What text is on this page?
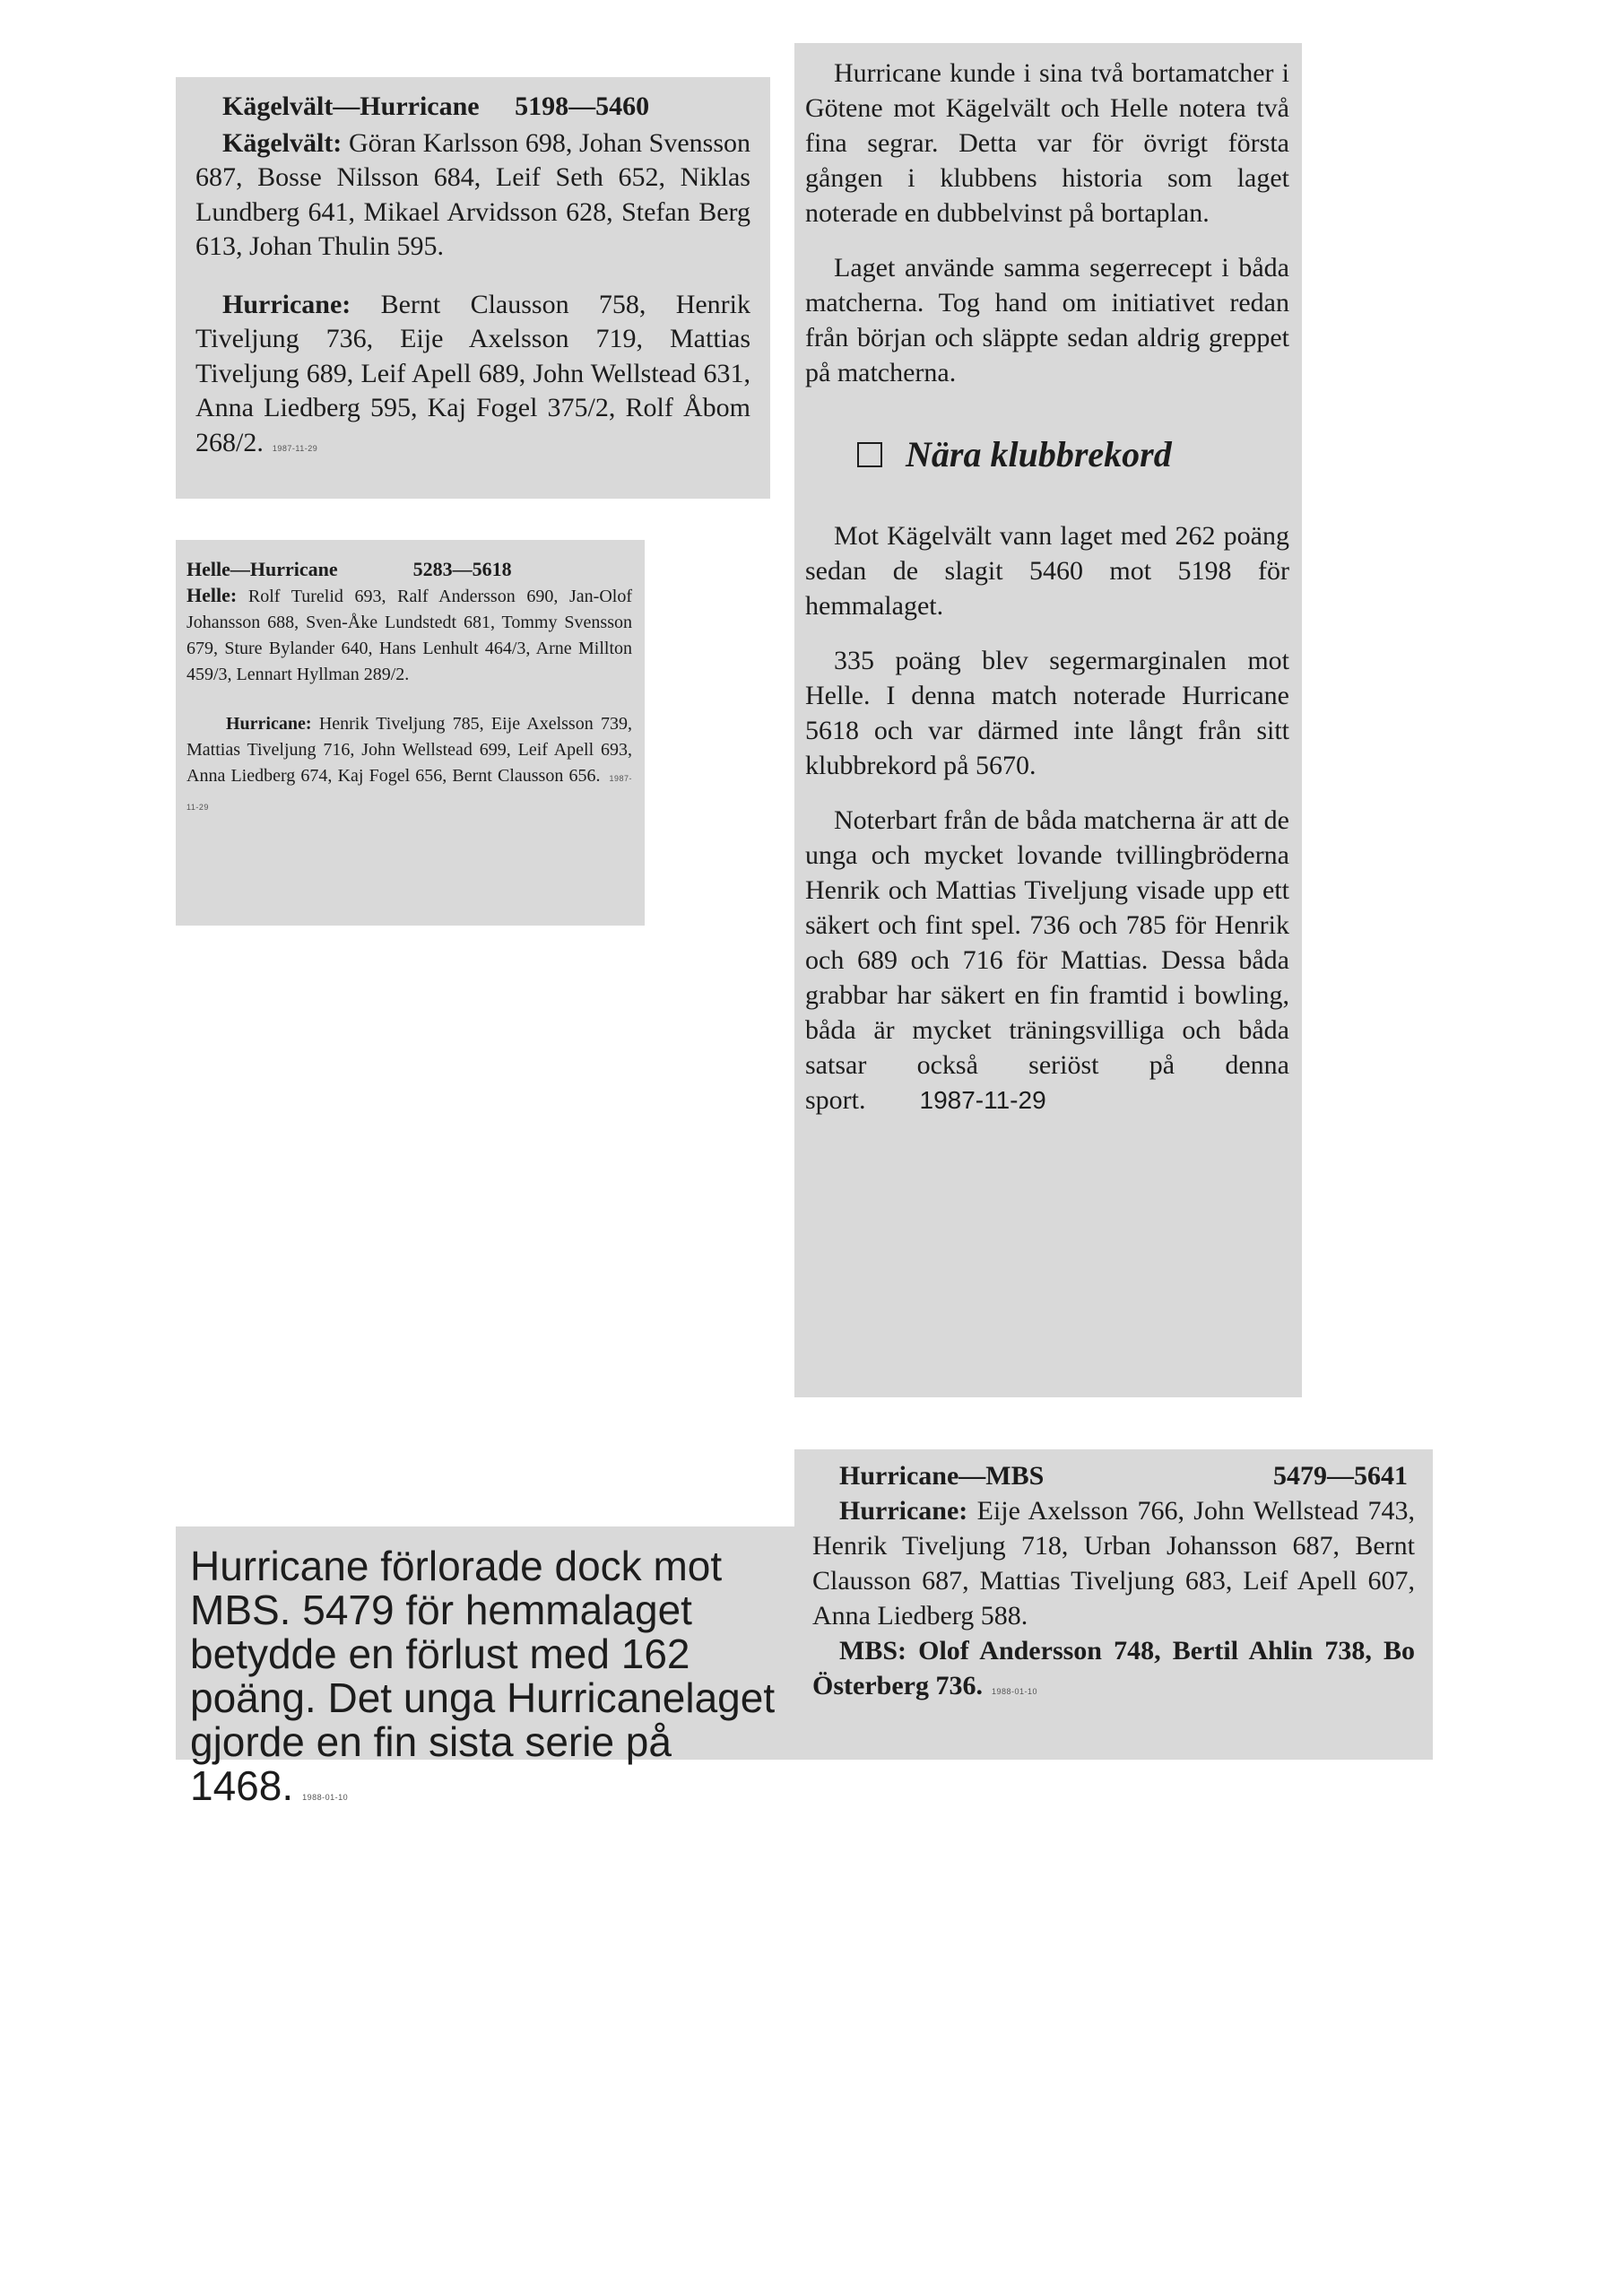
Kägelvält—Hurricane 5198—5460

Kägelvält: Göran Karlsson 698, Johan Svensson 687, Bosse Nilsson 684, Leif Seth 652, Niklas Lundberg 641, Mikael Arvidsson 628, Stefan Berg 613, Johan Thulin 595.

Hurricane: Bernt Clausson 758, Henrik Tiveljung 736, Eije Axelsson 719, Mattias Tiveljung 689, Leif Apell 689, John Wellstead 631, Anna Liedberg 595, Kaj Fogel 375/2, Rolf Åbom 268/2. 1987-11-29

Helle—Hurricane	5283—5618

Helle: Rolf Turelid 693, Ralf Andersson 690, Jan-Olof Johansson 688, Sven-Åke Lundstedt 681, Tommy Svensson 679, Sture Bylander 640, Hans Lenhult 464/3, Arne Millton 459/3, Lennart Hyllman 289/2.

Hurricane: Henrik Tiveljung 785, Eije Axelsson 739, Mattias Tiveljung 716, John Wellstead 699, Leif Apell 693, Anna Liedberg 674, Kaj Fogel 656, Bernt Clausson 656. 1987-11-29

Hurricane kunde i sina två bortamatcher i Götene mot Kägelvält och Helle notera två fina segrar. Detta var för övrigt första gången i klubbens historia som laget noterade en dubbelvinst på bortaplan.

Laget använde samma segerrecept i båda matcherna. Tog hand om initiativet redan från början och släppte sedan aldrig greppet på matcherna.

Nära klubbrekord

Mot Kägelvält vann laget med 262 poäng sedan de slagit 5460 mot 5198 för hemmalaget.

335 poäng blev segermarginalen mot Helle. I denna match noterade Hurricane 5618 och var därmed inte långt från sitt klubbrekord på 5670.

Noterbart från de båda matcherna är att de unga och mycket lovande tvillingbröderna Henrik och Mattias Tiveljung visade upp ett säkert och fint spel. 736 och 785 för Henrik och 689 och 716 för Mattias. Dessa båda grabbar har säkert en fin framtid i bowling, båda är mycket träningsvilliga och båda satsar också seriöst på denna sport. 1987-11-29

Hurricane förlorade dock mot MBS. 5479 för hemmalaget betydde en förlust med 162 poäng. Det unga Hurricanelaget gjorde en fin sista serie på 1468. 1988-01-10

Hurricane—MBS	5479—5641

Hurricane: Eije Axelsson 766, John Wellstead 743, Henrik Tiveljung 718, Urban Johansson 687, Bernt Clausson 687, Mattias Tiveljung 683, Leif Apell 607, Anna Liedberg 588.

MBS: Olof Andersson 748, Bertil Ahlin 738, Bo Österberg 736. 1988-01-10
